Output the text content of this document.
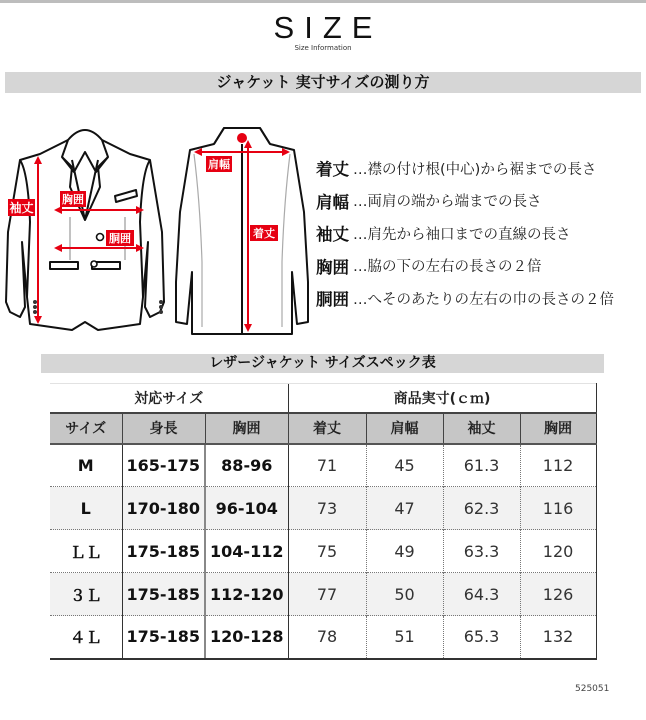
SIZE
Size Information
ジャケット 実寸サイズの測り方
袖丈
胸囲
胴囲
肩幅
着丈
着丈 …襟の付け根(中心)から裾までの長さ
肩幅 …両肩の端から端までの長さ
袖丈 …肩先から袖口までの直線の長さ
胸囲 …脇の下の左右の長さの２倍
胴囲 …へそのあたりの左右の巾の長さの２倍
レザージャケット サイズスペック表
対応サイズ			商品実寸(ｃｍ)			
サイズ	身長	胸囲	着丈	肩幅	袖丈	胸囲
M	165-175	88-96	71	45	61.3	112
L	170-180	96-104	73	47	62.3	116
ＬＬ	175-185	104-112	75	49	63.3	120
３Ｌ	175-185	112-120	77	50	64.3	126
４Ｌ	175-185	120-128	78	51	65.3	132
525051
